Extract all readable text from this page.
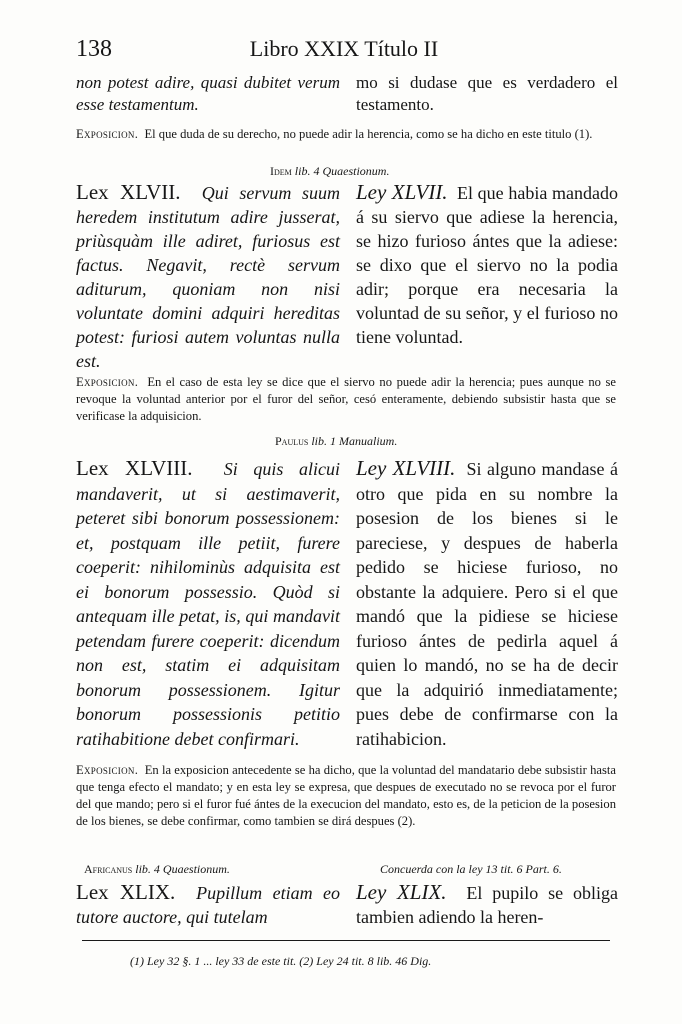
138	Libro XXIX Título II

non potest adire, quasi dubitet verum esse testamentum.

mo si dudase que es verdadero el testamento.

Exposicion. El que duda de su derecho, no puede adir la herencia, como se ha dicho en este titulo (1).

Idem lib. 4 Quaestionum.

Lex XLVII. Qui servum suum heredem institutum adire jusserat, priùsquàm ille adiret, furiosus est factus. Negavit, rectè servum aditurum, quoniam non nisi voluntate domini adquiri hereditas potest: furiosi autem voluntas nulla est.

Ley XLVII. El que habia mandado á su siervo que adiese la herencia, se hizo furioso ántes que la adiese: se dixo que el siervo no la podia adir; porque era necesaria la voluntad de su señor, y el furioso no tiene voluntad.

Exposicion. En el caso de esta ley se dice que el siervo no puede adir la herencia; pues aunque no se revoque la voluntad anterior por el furor del señor, cesó enteramente, debiendo subsistir hasta que se verificase la adquisicion.

Paulus lib. 1 Manualium.

Lex XLVIII. Si quis alicui mandaverit, ut si aestimaverit, peteret sibi bonorum possessionem: et, postquam ille petiit, furere coeperit: nihilominùs adquisita est ei bonorum possessio. Quòd si antequam ille petat, is, qui mandavit petendam furere coeperit: dicendum non est, statim ei adquisitam bonorum possessionem. Igitur bonorum possessionis petitio ratihabitione debet confirmari.

Ley XLVIII. Si alguno mandase á otro que pida en su nombre la posesion de los bienes si le pareciese, y despues de haberla pedido se hiciese furioso, no obstante la adquiere. Pero si el que mandó que la pidiese se hiciese furioso ántes de pedirla aquel á quien lo mandó, no se ha de decir que la adquirió inmediatamente; pues debe de confirmarse con la ratihabicion.

Exposicion. En la exposicion antecedente se ha dicho, que la voluntad del mandatario debe subsistir hasta que tenga efecto el mandato; y en esta ley se expresa, que despues de executado no se revoca por el furor del que mando; pero si el furor fué ántes de la execucion del mandato, esto es, de la peticion de la posesion de los bienes, se debe confirmar, como tambien se dirá despues (2).

Africanus lib. 4 Quaestionum.	Concuerda con la ley 13 tit. 6 Part. 6.

Lex XLIX. Pupillum etiam eo tutore auctore, qui tutelam

Ley XLIX. El pupilo se obliga tambien adiendo la heren-

(1) Ley 32 §. 1 ... ley 33 de este tit. (2) Ley 24 tit. 8 lib. 46 Dig.
